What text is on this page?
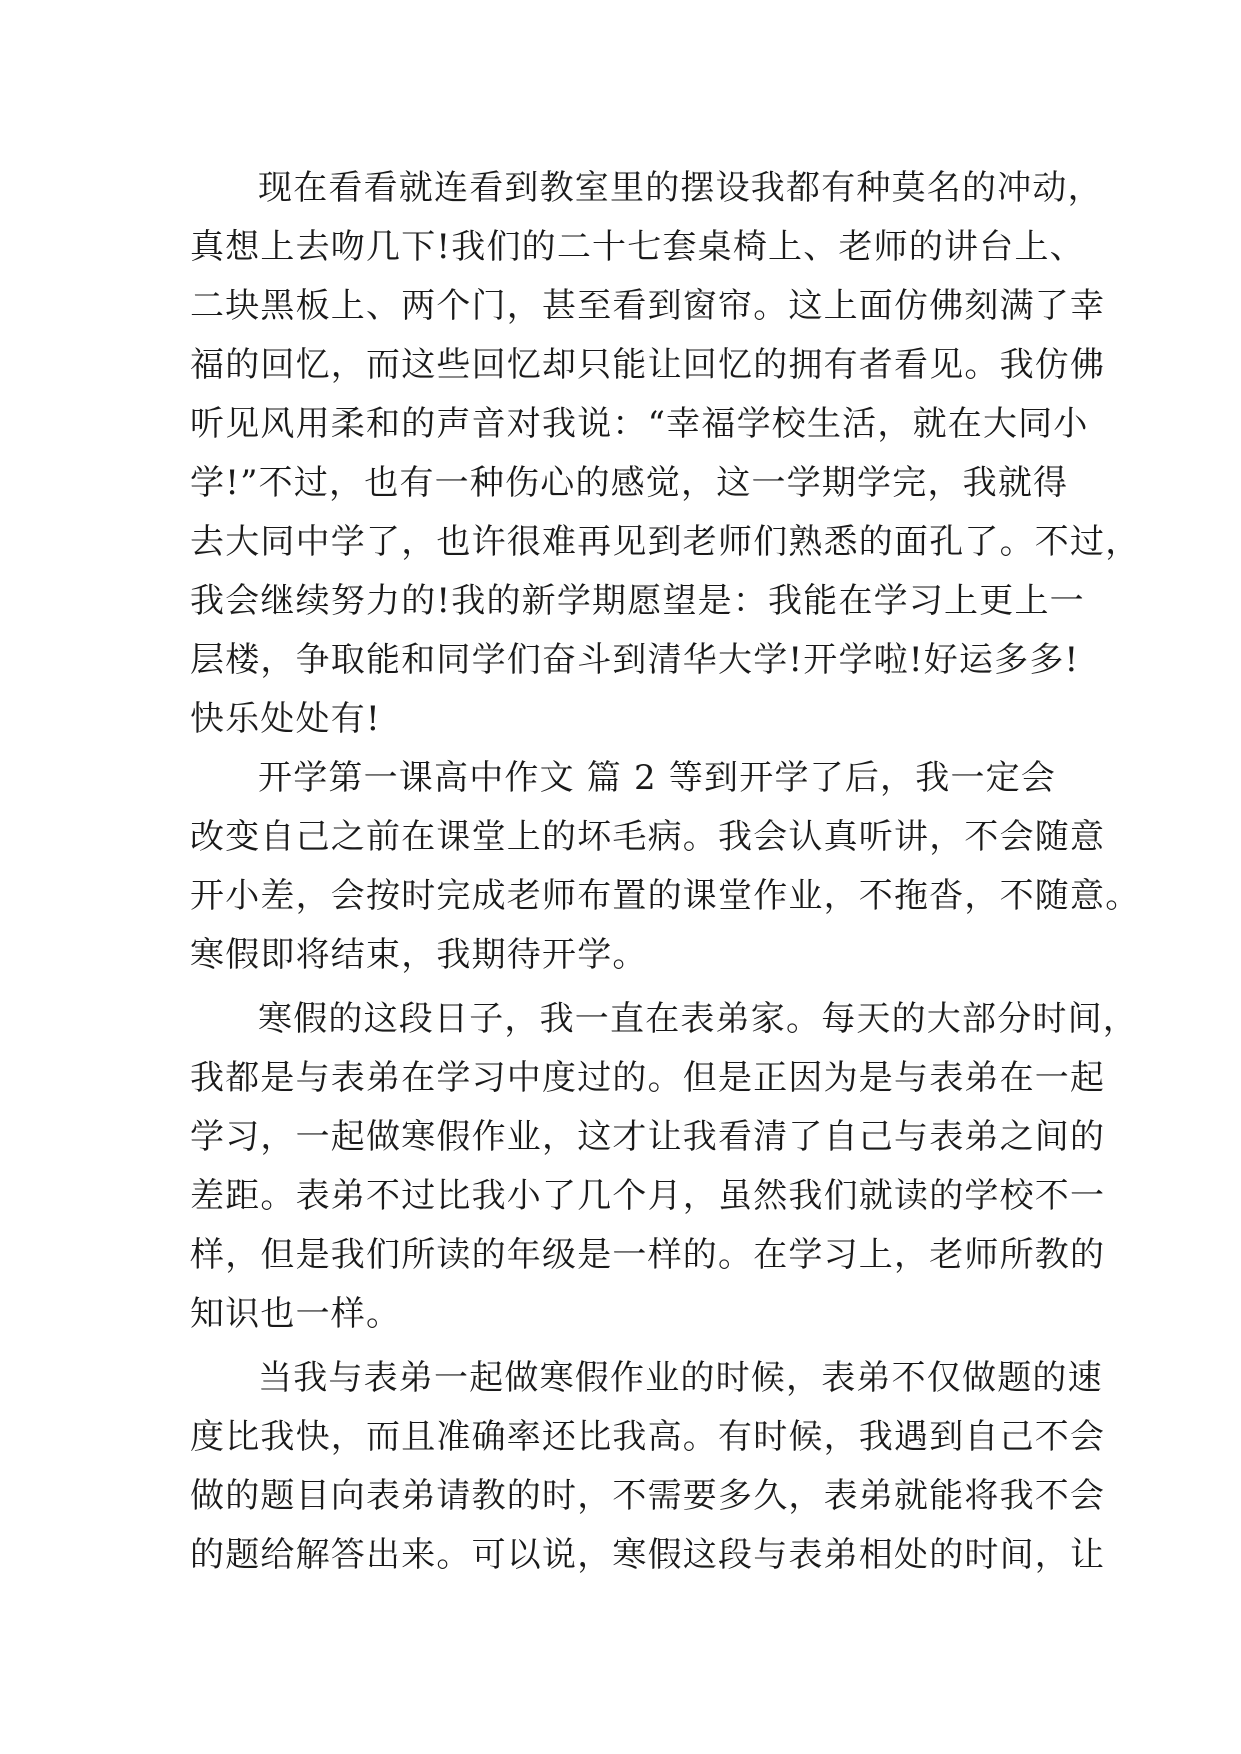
现在看看就连看到教室里的摆设我都有种莫名的冲动，
真想上去吻几下!我们的二十七套桌椅上、老师的讲台上、
二块黑板上、两个门，甚至看到窗帘。这上面仿佛刻满了幸
福的回忆，而这些回忆却只能让回忆的拥有者看见。我仿佛
听见风用柔和的声音对我说：“幸福学校生活，就在大同小
学!”不过，也有一种伤心的感觉，这一学期学完，我就得
去大同中学了，也许很难再见到老师们熟悉的面孔了。不过，
我会继续努力的!我的新学期愿望是：我能在学习上更上一
层楼，争取能和同学们奋斗到清华大学!开学啦!好运多多!
快乐处处有!
开学第一课高中作文 篇 2 等到开学了后，我一定会
改变自己之前在课堂上的坏毛病。我会认真听讲，不会随意
开小差，会按时完成老师布置的课堂作业，不拖沓，不随意。
寒假即将结束，我期待开学。
寒假的这段日子，我一直在表弟家。每天的大部分时间，
我都是与表弟在学习中度过的。但是正因为是与表弟在一起
学习，一起做寒假作业，这才让我看清了自己与表弟之间的
差距。表弟不过比我小了几个月，虽然我们就读的学校不一
样，但是我们所读的年级是一样的。在学习上，老师所教的
知识也一样。
当我与表弟一起做寒假作业的时候，表弟不仅做题的速
度比我快，而且准确率还比我高。有时候，我遇到自己不会
做的题目向表弟请教的时，不需要多久，表弟就能将我不会
的题给解答出来。可以说，寒假这段与表弟相处的时间，让
